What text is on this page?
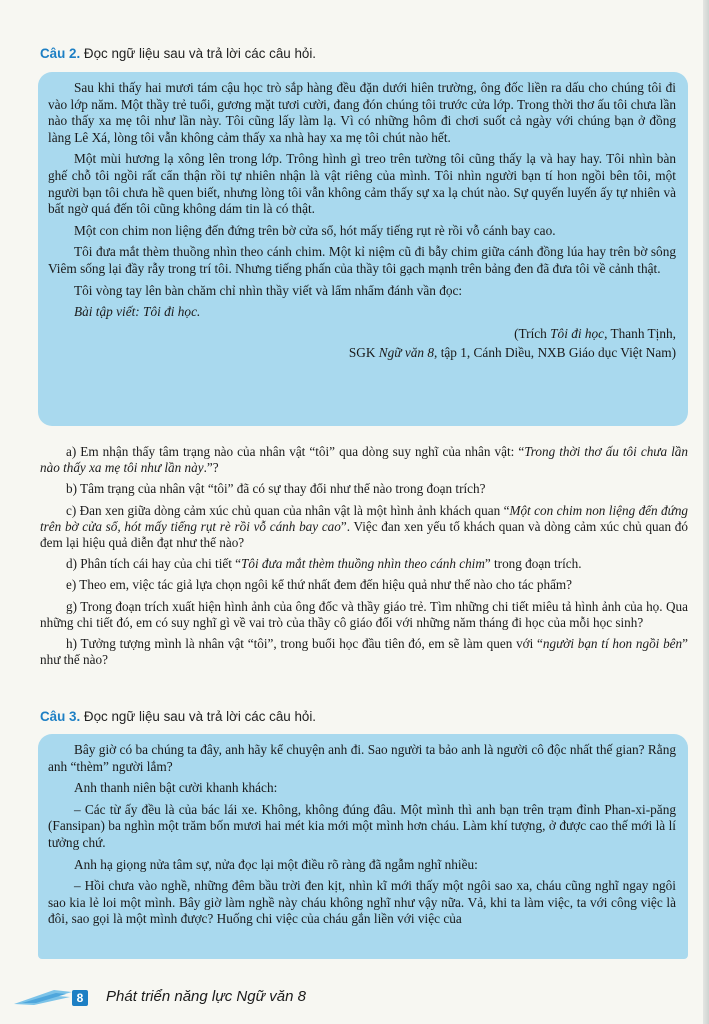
Câu 2. Đọc ngữ liệu sau và trả lời các câu hỏi.

Sau khi thấy hai mươi tám cậu học trò sắp hàng đều đặn dưới hiên trường, ông đốc liền ra dấu cho chúng tôi đi vào lớp năm. Một thầy trẻ tuổi, gương mặt tươi cười, đang đón chúng tôi trước cửa lớp. Trong thời thơ ấu tôi chưa lần nào thấy xa mẹ tôi như lần này. Tôi cũng lấy làm lạ. Vì có những hôm đi chơi suốt cả ngày với chúng bạn ở đồng làng Lê Xá, lòng tôi vẫn không cảm thấy xa nhà hay xa mẹ tôi chút nào hết.

Một mùi hương lạ xông lên trong lớp. Trông hình gì treo trên tường tôi cũng thấy lạ và hay hay. Tôi nhìn bàn ghế chỗ tôi ngồi rất cẩn thận rồi tự nhiên nhận là vật riêng của mình. Tôi nhìn người bạn tí hon ngồi bên tôi, một người bạn tôi chưa hề quen biết, nhưng lòng tôi vẫn không cảm thấy sự xa lạ chút nào. Sự quyến luyến ấy tự nhiên và bất ngờ quá đến tôi cũng không dám tin là có thật.

Một con chim non liệng đến đứng trên bờ cửa sổ, hót mấy tiếng rụt rè rồi vỗ cánh bay cao.

Tôi đưa mắt thèm thuồng nhìn theo cánh chim. Một kỉ niệm cũ đi bẫy chim giữa cánh đồng lúa hay trên bờ sông Viêm sống lại đầy rẫy trong trí tôi. Nhưng tiếng phấn của thầy tôi gạch mạnh trên bảng đen đã đưa tôi về cảnh thật.

Tôi vòng tay lên bàn chăm chỉ nhìn thầy viết và lẩm nhẩm đánh vần đọc:

Bài tập viết: Tôi đi học.

(Trích Tôi đi học, Thanh Tịnh,

SGK Ngữ văn 8, tập 1, Cánh Diều, NXB Giáo dục Việt Nam)

a) Em nhận thấy tâm trạng nào của nhân vật “tôi” qua dòng suy nghĩ của nhân vật: “Trong thời thơ ấu tôi chưa lần nào thấy xa mẹ tôi như lần này.”?

b) Tâm trạng của nhân vật “tôi” đã có sự thay đổi như thế nào trong đoạn trích?

c) Đan xen giữa dòng cảm xúc chủ quan của nhân vật là một hình ảnh khách quan “Một con chim non liệng đến đứng trên bờ cửa sổ, hót mấy tiếng rụt rè rồi vỗ cánh bay cao”. Việc đan xen yếu tố khách quan và dòng cảm xúc chủ quan đó đem lại hiệu quả diễn đạt như thế nào?

d) Phân tích cái hay của chi tiết “Tôi đưa mắt thèm thuồng nhìn theo cánh chim” trong đoạn trích.

e) Theo em, việc tác giả lựa chọn ngôi kể thứ nhất đem đến hiệu quả như thế nào cho tác phẩm?

g) Trong đoạn trích xuất hiện hình ảnh của ông đốc và thầy giáo trẻ. Tìm những chi tiết miêu tả hình ảnh của họ. Qua những chi tiết đó, em có suy nghĩ gì về vai trò của thầy cô giáo đối với những năm tháng đi học của mỗi học sinh?

h) Tưởng tượng mình là nhân vật “tôi”, trong buổi học đầu tiên đó, em sẽ làm quen với “người bạn tí hon ngồi bên” như thế nào?

Câu 3. Đọc ngữ liệu sau và trả lời các câu hỏi.

Bây giờ có ba chúng ta đây, anh hãy kể chuyện anh đi. Sao người ta bảo anh là người cô độc nhất thế gian? Rằng anh “thèm” người lắm?

Anh thanh niên bật cười khanh khách:

– Các từ ấy đều là của bác lái xe. Không, không đúng đâu. Một mình thì anh bạn trên trạm đỉnh Phan-xi-păng (Fansipan) ba nghìn một trăm bốn mươi hai mét kia mới một mình hơn cháu. Làm khí tượng, ở được cao thế mới là lí tưởng chứ.

Anh hạ giọng nửa tâm sự, nửa đọc lại một điều rõ ràng đã ngẫm nghĩ nhiều:

– Hồi chưa vào nghề, những đêm bầu trời đen kịt, nhìn kĩ mới thấy một ngôi sao xa, cháu cũng nghĩ ngay ngôi sao kia lẻ loi một mình. Bây giờ làm nghề này cháu không nghĩ như vậy nữa. Vả, khi ta làm việc, ta với công việc là đôi, sao gọi là một mình được? Huống chi việc của cháu gắn liền với việc của

8	Phát triển năng lực Ngữ văn 8
